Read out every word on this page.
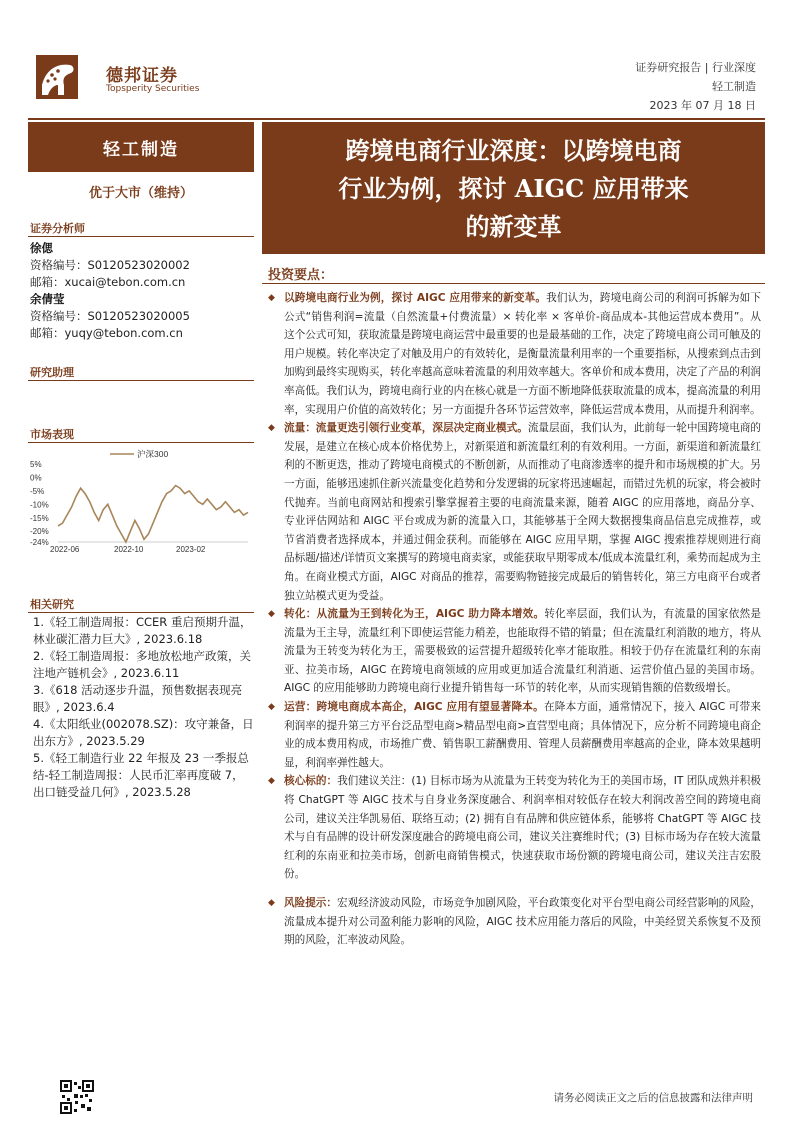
德邦证券
Topsperity Securities
证券研究报告 | 行业深度
轻工制造
2023 年 07 月 18 日
轻工制造
优于大市（维持）
证券分析师
徐偲
资格编号：S0120523020002
邮箱：xucai@tebon.com.cn
余倩莹
资格编号：S0120523020005
邮箱：yuqy@tebon.com.cn
研究助理
市场表现
沪深300
5%
0%
-5%
-10%
-15%
-20%
-24%
2022-06	2022-10	2023-02
相关研究
1.《轻工制造周报：CCER 重启预期升温，林业碳汇潜力巨大》, 2023.6.18
2.《轻工制造周报：多地放松地产政策，关注地产链机会》, 2023.6.11
3.《618 活动逐步升温，预售数据表现亮眼》, 2023.6.4
4.《太阳纸业(002078.SZ)：攻守兼备，日出东方》, 2023.5.29
5.《轻工制造行业 22 年报及 23 一季报总结-轻工制造周报：人民币汇率再度破 7，出口链受益几何》, 2023.5.28
跨境电商行业深度：以跨境电商
行业为例，探讨 AIGC 应用带来
的新变革
投资要点：

◆ 以跨境电商行业为例，探讨 AIGC 应用带来的新变革。我们认为，跨境电商公司的利润可拆解为如下公式“销售利润=流量（自然流量+付费流量）× 转化率 × 客单价-商品成本-其他运营成本费用”。从这个公式可知，获取流量是跨境电商运营中最重要的也是最基础的工作，决定了跨境电商公司可触及的用户规模。转化率决定了对触及用户的有效转化，是衡量流量利用率的一个重要指标，从搜索到点击到加购到最终实现购买，转化率越高意味着流量的利用效率越大。客单价和成本费用，决定了产品的利润率高低。我们认为，跨境电商行业的内在核心就是一方面不断地降低获取流量的成本，提高流量的利用率，实现用户价值的高效转化；另一方面提升各环节运营效率，降低运营成本费用，从而提升利润率。

◆ 流量：流量更迭引领行业变革，深层决定商业模式。流量层面，我们认为，此前每一轮中国跨境电商的发展，是建立在核心成本价格优势上，对新渠道和新流量红利的有效利用。一方面，新渠道和新流量红利的不断更迭，推动了跨境电商模式的不断创新，从而推动了电商渗透率的提升和市场规模的扩大。另一方面，能够迅速抓住新兴流量变化趋势和分发逻辑的玩家将迅速崛起，而错过先机的玩家，将会被时代抛弃。当前电商网站和搜索引擎掌握着主要的电商流量来源，随着 AIGC 的应用落地，商品分享、专业评估网站和 AIGC 平台或成为新的流量入口，其能够基于全网大数据搜集商品信息完成推荐，或节省消费者选择成本，并通过佣金获利。而能够在 AIGC 应用早期，掌握 AIGC 搜索推荐规则进行商品标题/描述/详情页文案撰写的跨境电商卖家，或能获取早期零成本/低成本流量红利，乘势而起成为主角。在商业模式方面，AIGC 对商品的推荐，需要购物链接完成最后的销售转化，第三方电商平台或者独立站模式更为受益。

◆ 转化：从流量为王到转化为王，AIGC 助力降本增效。转化率层面，我们认为，有流量的国家依然是流量为王主导，流量红利下即使运营能力稍差，也能取得不错的销量；但在流量红利消散的地方，将从流量为王转变为转化为王，需要极致的运营提升超级转化率才能取胜。相较于仍存在流量红利的东南亚、拉美市场，AIGC 在跨境电商领域的应用或更加适合流量红利消逝、运营价值凸显的美国市场。AIGC 的应用能够助力跨境电商行业提升销售每一环节的转化率，从而实现销售额的倍数级增长。

◆ 运营：跨境电商成本高企，AIGC 应用有望显著降本。在降本方面，通常情况下，接入 AIGC 可带来利润率的提升第三方平台泛品型电商>精品型电商>直营型电商；具体情况下，应分析不同跨境电商企业的成本费用构成，市场推广费、销售职工薪酬费用、管理人员薪酬费用率越高的企业，降本效果越明显，利润率弹性越大。

◆ 核心标的：我们建议关注：(1) 目标市场为从流量为王转变为转化为王的美国市场，IT 团队成熟并积极将 ChatGPT 等 AIGC 技术与自身业务深度融合、利润率相对较低存在较大利润改善空间的跨境电商公司，建议关注华凯易佰、联络互动；(2) 拥有自有品牌和供应链体系，能够将 ChatGPT 等 AIGC 技术与自有品牌的设计研发深度融合的跨境电商公司，建议关注赛维时代；(3) 目标市场为存在较大流量红利的东南亚和拉美市场，创新电商销售模式，快速获取市场份额的跨境电商公司，建议关注吉宏股份。

◆ 风险提示：宏观经济波动风险，市场竞争加剧风险，平台政策变化对平台型电商公司经营影响的风险，流量成本提升对公司盈利能力影响的风险，AIGC 技术应用能力落后的风险，中美经贸关系恢复不及预期的风险，汇率波动风险。

请务必阅读正文之后的信息披露和法律声明
